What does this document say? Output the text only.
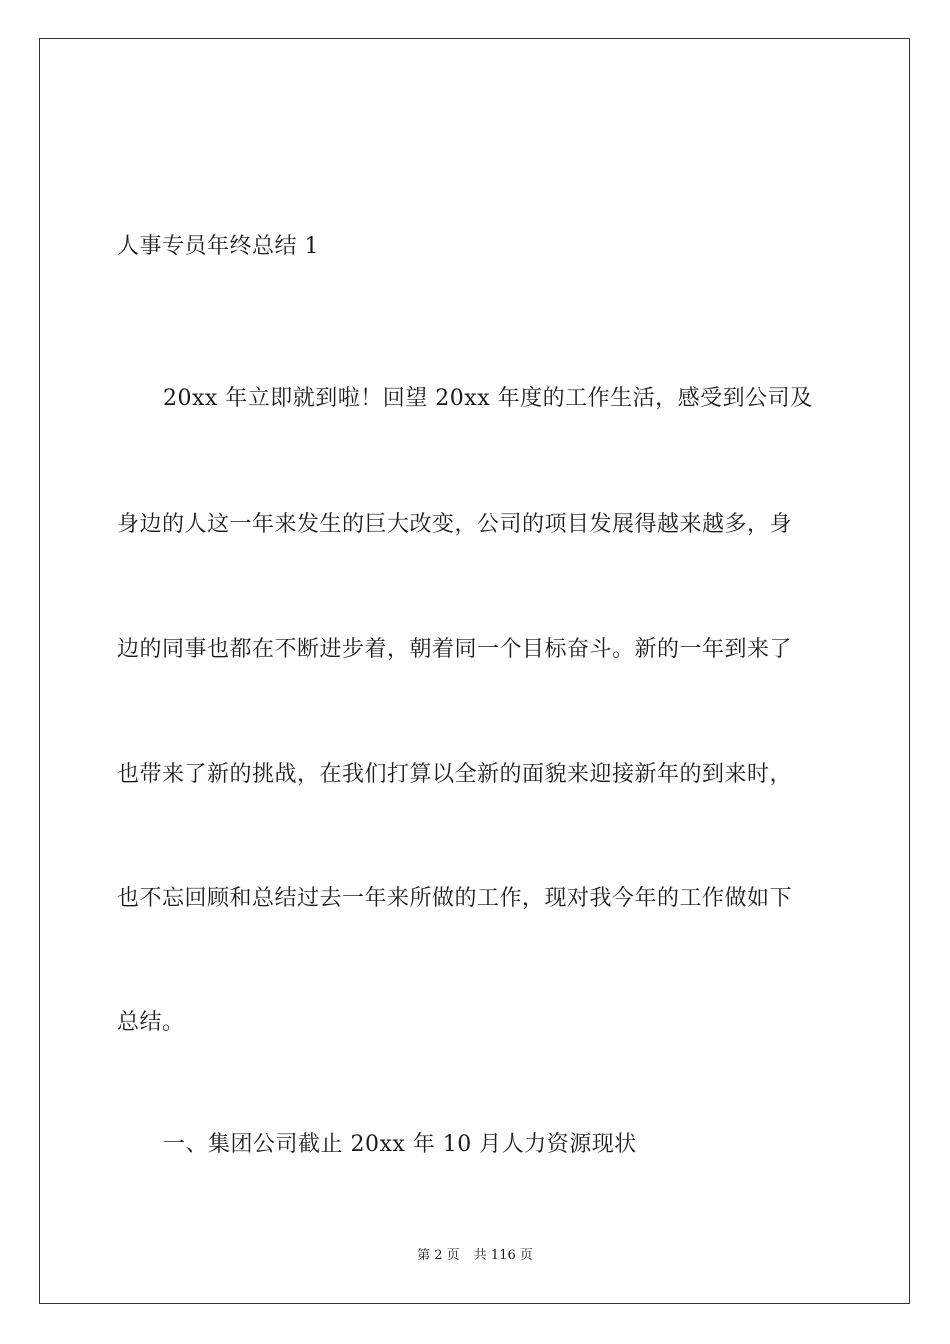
人事专员年终总结 1
20xx 年立即就到啦！回望 20xx 年度的工作生活，感受到公司及
身边的人这一年来发生的巨大改变，公司的项目发展得越来越多，身
边的同事也都在不断进步着，朝着同一个目标奋斗。新的一年到来了
也带来了新的挑战，在我们打算以全新的面貌来迎接新年的到来时，
也不忘回顾和总结过去一年来所做的工作，现对我今年的工作做如下
总结。
一、集团公司截止 20xx 年 10 月人力资源现状
第 2 页 共 116 页
